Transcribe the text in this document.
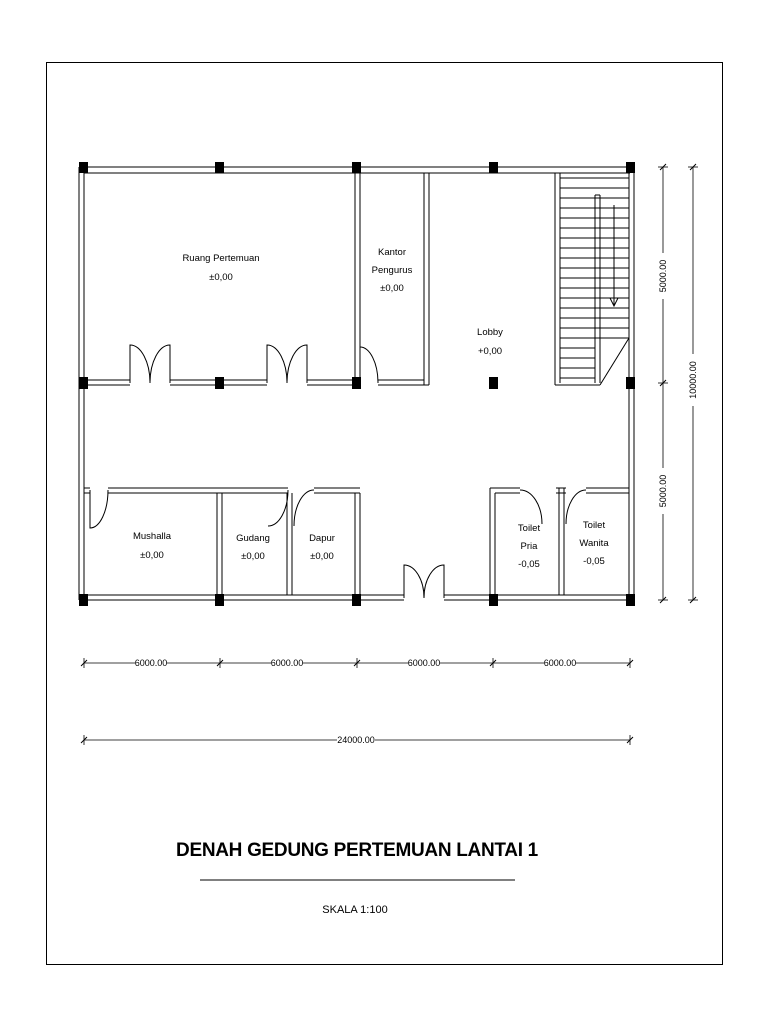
Ruang Pertemuan
±0,00
Kantor
Pengurus
±0,00
Lobby
+0,00
Mushalla
±0,00
Gudang
±0,00
Dapur
±0,00
Toilet
Pria
-0,05
Toilet
Wanita
-0,05
6000.00	6000.00	6000.00	6000.00
24000.00
5000.00
5000.00
10000.00
DENAH GEDUNG PERTEMUAN LANTAI 1
SKALA 1:100
